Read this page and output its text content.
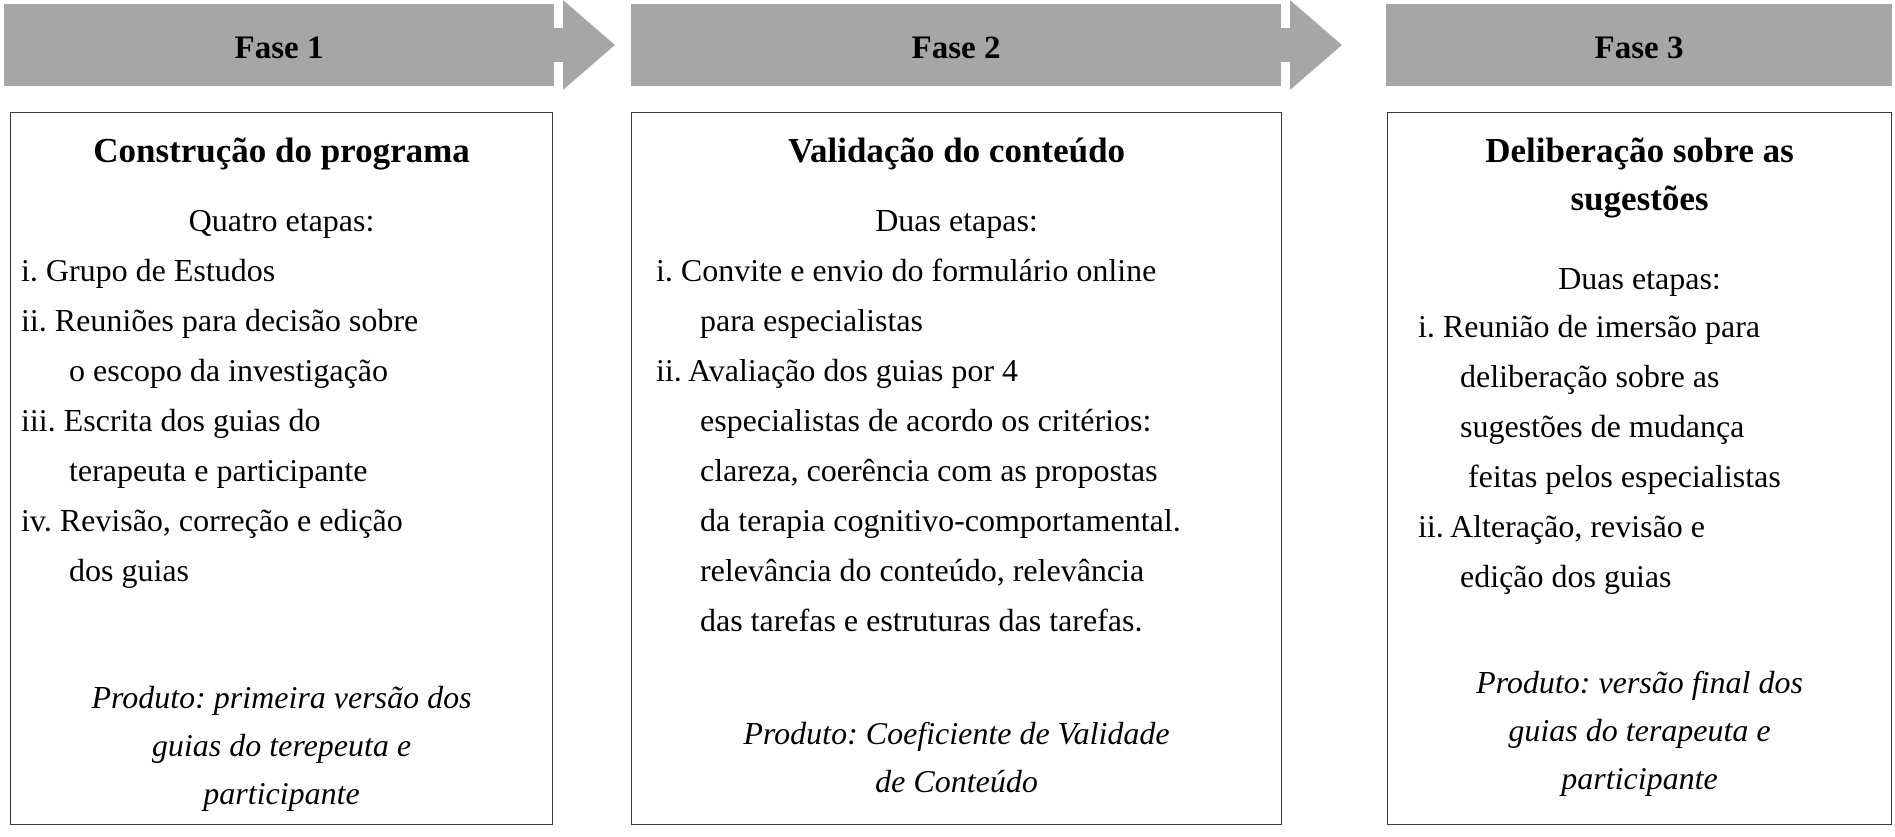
Fase 1	Fase 2	Fase 3
Construção do programa
Quatro etapas:
i. Grupo de Estudos
ii. Reuniões para decisão sobre
o escopo da investigação
iii. Escrita dos guias do
terapeuta e participante
iv. Revisão, correção e edição
dos guias
Produto: primeira versão dos guias do terepeuta e participante
Validação do conteúdo
Duas etapas:
i. Convite e envio do formulário online
para especialistas
ii. Avaliação dos guias por 4
especialistas de acordo os critérios:
clareza, coerência com as propostas
da terapia cognitivo-comportamental.
relevância do conteúdo, relevância
das tarefas e estruturas das tarefas.
Produto: Coeficiente de Validade de Conteúdo
Deliberação sobre as sugestões
Duas etapas:
i. Reunião de imersão para
deliberação sobre as
sugestões de mudança
feitas pelos especialistas
ii. Alteração, revisão e
edição dos guias
Produto: versão final dos guias do terapeuta e participante
